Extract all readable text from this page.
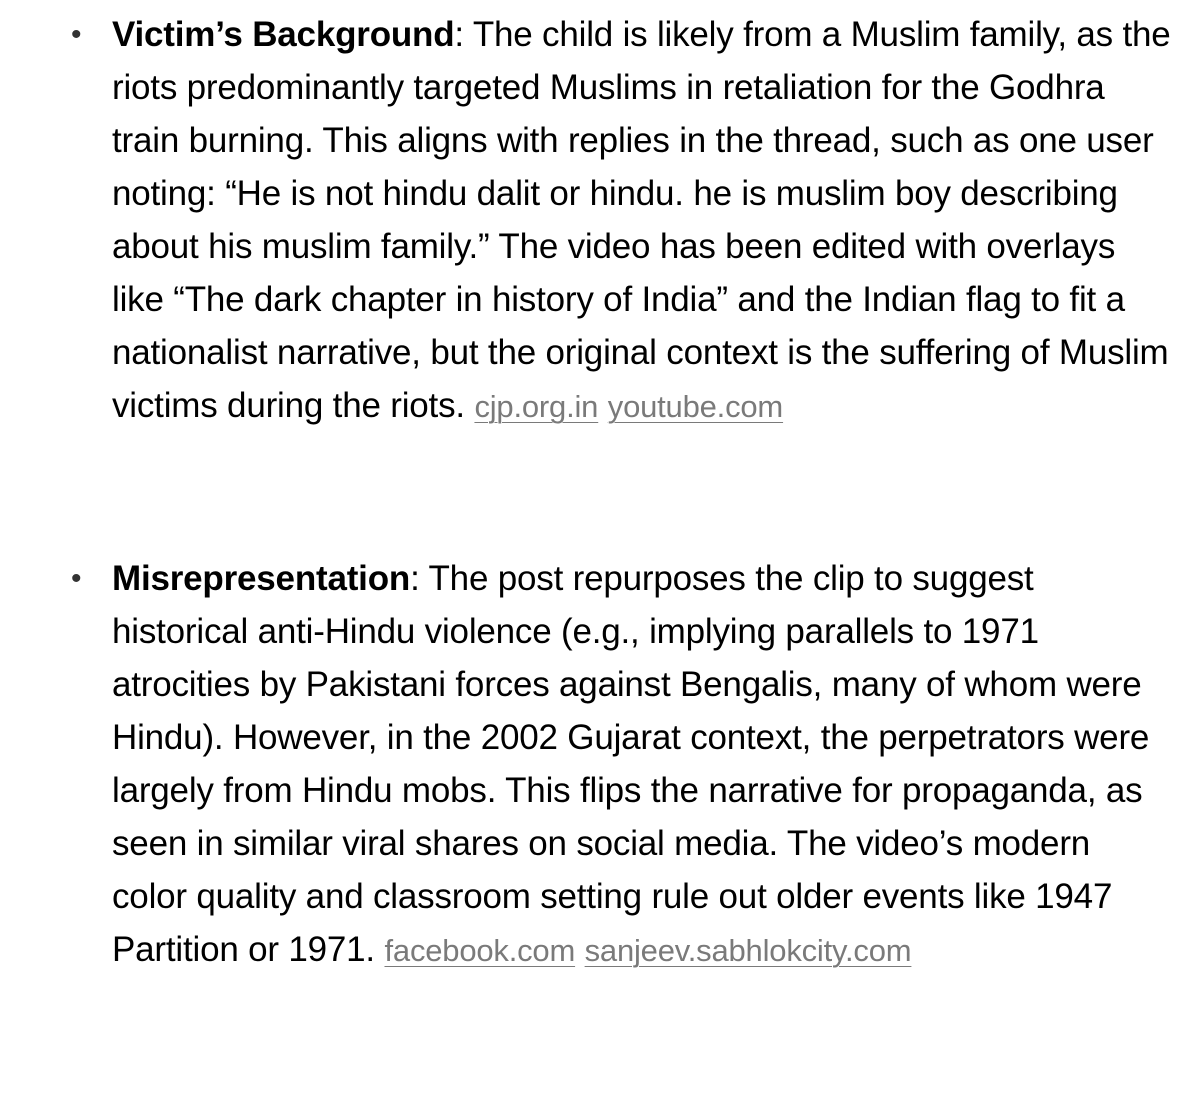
• Victim’s Background: The child is likely from a Muslim family, as the riots predominantly targeted Muslims in retaliation for the Godhra train burning. This aligns with replies in the thread, such as one user noting: “He is not hindu dalit or hindu. he is muslim boy describing about his muslim family.” The video has been edited with overlays like “The dark chapter in history of India” and the Indian flag to fit a nationalist narrative, but the original context is the suffering of Muslim victims during the riots. cjp.org.in youtube.com
• Misrepresentation: The post repurposes the clip to suggest historical anti-Hindu violence (e.g., implying parallels to 1971 atrocities by Pakistani forces against Bengalis, many of whom were Hindu). However, in the 2002 Gujarat context, the perpetrators were largely from Hindu mobs. This flips the narrative for propaganda, as seen in similar viral shares on social media. The video’s modern color quality and classroom setting rule out older events like 1947 Partition or 1971. facebook.com sanjeev.sabhlokcity.com
